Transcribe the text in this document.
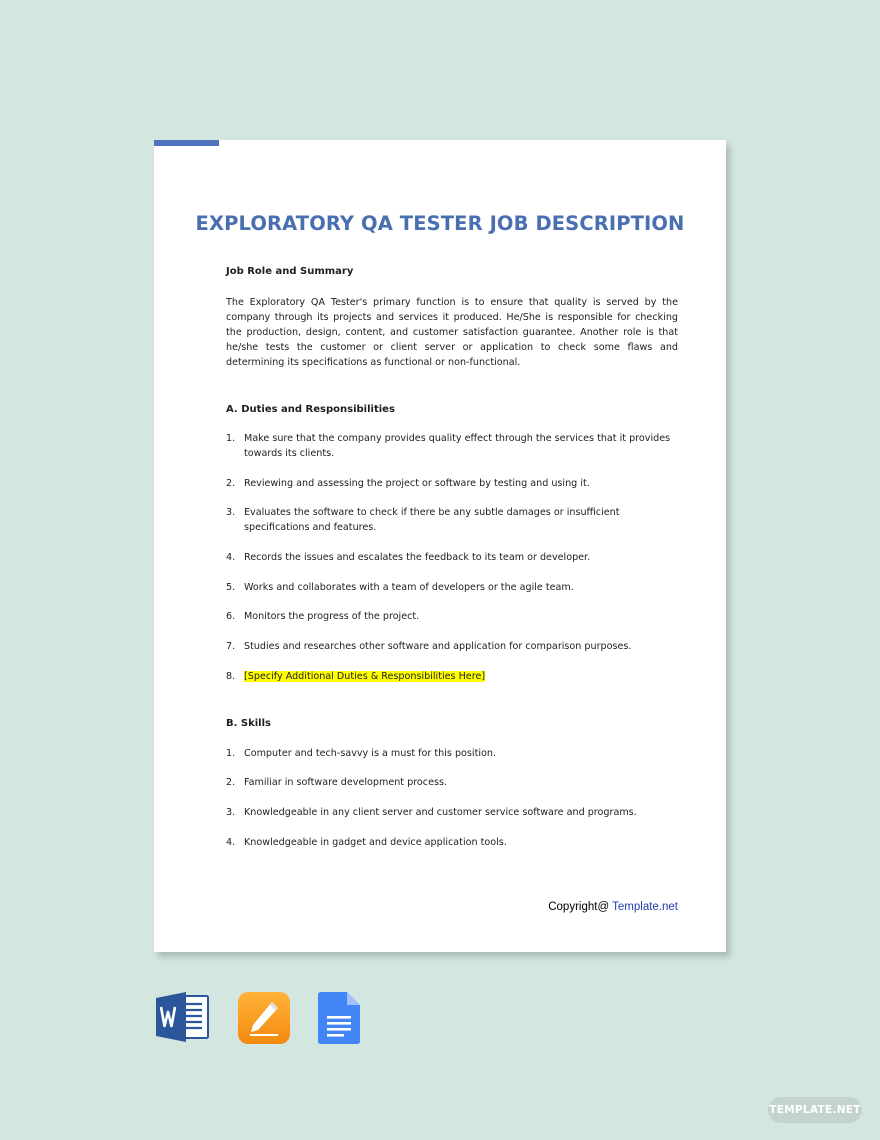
EXPLORATORY QA TESTER JOB DESCRIPTION

Job Role and Summary

The Exploratory QA Tester's primary function is to ensure that quality is served by the company through its projects and services it produced. He/She is responsible for checking the production, design, content, and customer satisfaction guarantee. Another role is that he/she tests the customer or client server or application to check some flaws and determining its specifications as functional or non-functional.

A. Duties and Responsibilities

1. Make sure that the company provides quality effect through the services that it provides towards its clients.
2. Reviewing and assessing the project or software by testing and using it.
3. Evaluates the software to check if there be any subtle damages or insufficient specifications and features.
4. Records the issues and escalates the feedback to its team or developer.
5. Works and collaborates with a team of developers or the agile team.
6. Monitors the progress of the project.
7. Studies and researches other software and application for comparison purposes.
8. [Specify Additional Duties & Responsibilities Here]

B. Skills

1. Computer and tech-savvy is a must for this position.
2. Familiar in software development process.
3. Knowledgeable in any client server and customer service software and programs.
4. Knowledgeable in gadget and device application tools.
Copyright@ Template.net
TEMPLATE.NET
